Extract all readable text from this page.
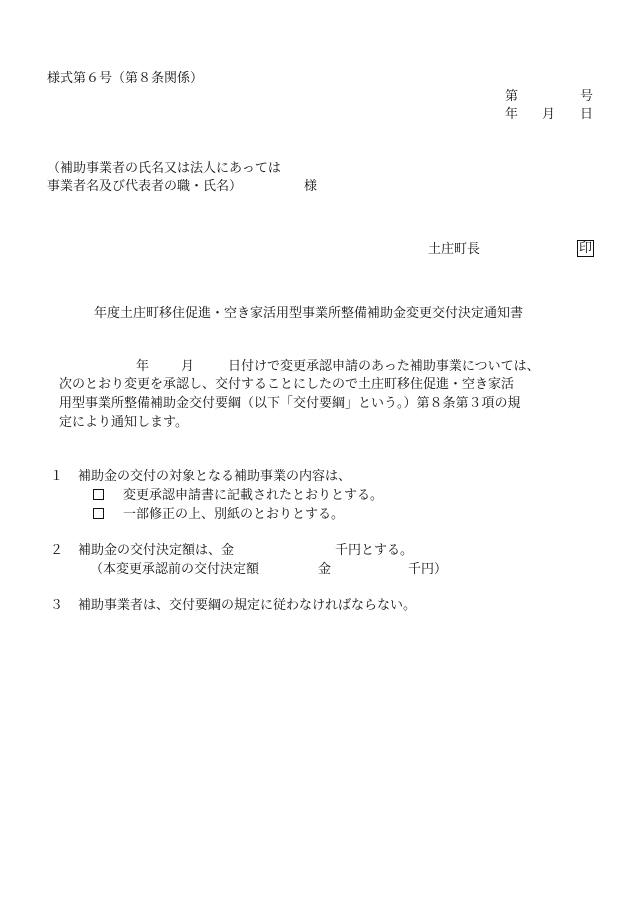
様式第６号（第８条関係）
第	号
年 月 日
（補助事業者の氏名又は法人にあっては
事業者名及び代表者の職・氏名）	様
土庄町長	印
年度土庄町移住促進・空き家活用型事業所整備補助金変更交付決定通知書
年 月	日付けで変更承認申請のあった補助事業については、
次のとおり変更を承認し、交付することにしたので土庄町移住促進・空き家活
用型事業所整備補助金交付要綱（以下「交付要綱」という。）第８条第３項の規
定により通知します。
１ 補助金の交付の対象となる補助事業の内容は、
変更承認申請書に記載されたとおりとする。
一部修正の上、別紙のとおりとする。
２ 補助金の交付決定額は、金	千円とする。
（本変更承認前の交付決定額	金	千円）
３ 補助事業者は、交付要綱の規定に従わなければならない。
